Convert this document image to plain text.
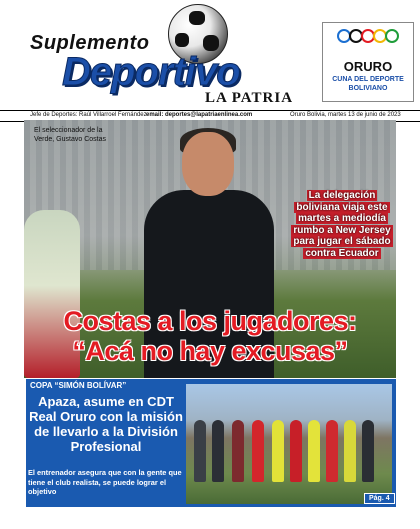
Suplemento
Deportivo
LA PATRIA
ORURO
CUNA DEL DEPORTE BOLIVIANO
Jefe de Deportes: Raúl Villarroel Fernández email: deportes@lapatriaenlinea.com	Oruro Bolivia, martes 13 de junio de 2023
El seleccionador de la Verde, Gustavo Costas
La delegación boliviana viaja este martes a mediodía rumbo a New Jersey para jugar el sábado contra Ecuador
Costas a los jugadores:
“Acá no hay excusas”
COPA “SIMÓN BOLÍVAR”
Apaza, asume en CDT Real Oruro con la misión de llevarlo a la División Profesional
El entrenador asegura que con la gente que tiene el club realista, se puede lograr el objetivo
Pág. 4
